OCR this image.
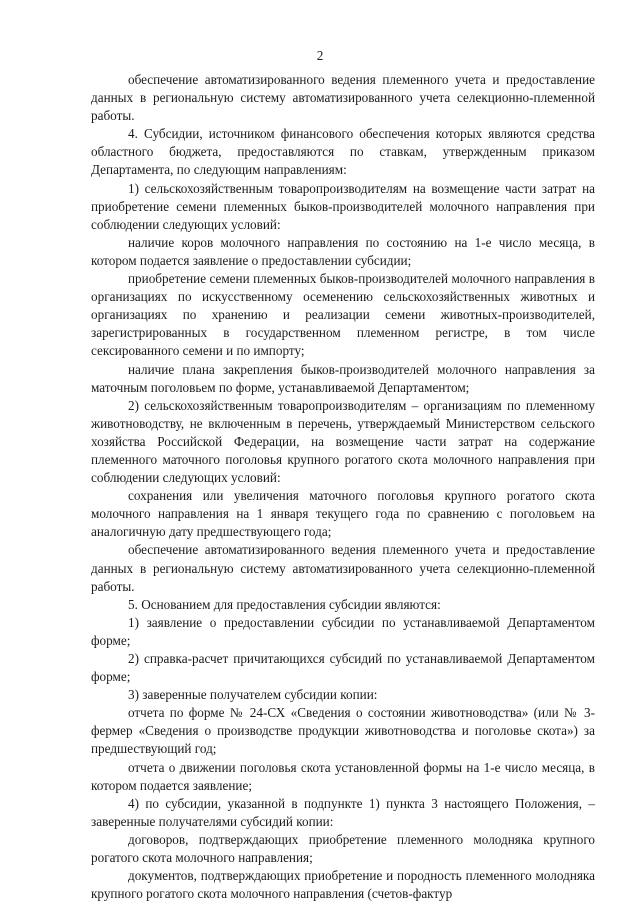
2

обеспечение автоматизированного ведения племенного учета и предоставление данных в региональную систему автоматизированного учета селекционно-племенной работы.

4. Субсидии, источником финансового обеспечения которых являются средства областного бюджета, предоставляются по ставкам, утвержденным приказом Департамента, по следующим направлениям:

1) сельскохозяйственным товаропроизводителям на возмещение части затрат на приобретение семени племенных быков-производителей молочного направления при соблюдении следующих условий:

наличие коров молочного направления по состоянию на 1-е число месяца, в котором подается заявление о предоставлении субсидии;

приобретение семени племенных быков-производителей молочного направления в организациях по искусственному осеменению сельскохозяйственных животных и организациях по хранению и реализации семени животных-производителей, зарегистрированных в государственном племенном регистре, в том числе сексированного семени и по импорту;

наличие плана закрепления быков-производителей молочного направления за маточным поголовьем по форме, устанавливаемой Департаментом;

2) сельскохозяйственным товаропроизводителям – организациям по племенному животноводству, не включенным в перечень, утверждаемый Министерством сельского хозяйства Российской Федерации, на возмещение части затрат на содержание племенного маточного поголовья крупного рогатого скота молочного направления при соблюдении следующих условий:

сохранения или увеличения маточного поголовья крупного рогатого скота молочного направления на 1 января текущего года по сравнению с поголовьем на аналогичную дату предшествующего года;

обеспечение автоматизированного ведения племенного учета и предоставление данных в региональную систему автоматизированного учета селекционно-племенной работы.

5. Основанием для предоставления субсидии являются:

1) заявление о предоставлении субсидии по устанавливаемой Департаментом форме;

2) справка-расчет причитающихся субсидий по устанавливаемой Департаментом форме;

3) заверенные получателем субсидии копии:

отчета по форме № 24-СХ «Сведения о состоянии животноводства» (или № 3-фермер «Сведения о производстве продукции животноводства и поголовье скота») за предшествующий год;

отчета о движении поголовья скота установленной формы на 1-е число месяца, в котором подается заявление;

4) по субсидии, указанной в подпункте 1) пункта 3 настоящего Положения, – заверенные получателями субсидий копии:

договоров, подтверждающих приобретение племенного молодняка крупного рогатого скота молочного направления;

документов, подтверждающих приобретение и породность племенного молодняка крупного рогатого скота молочного направления (счетов-фактур
